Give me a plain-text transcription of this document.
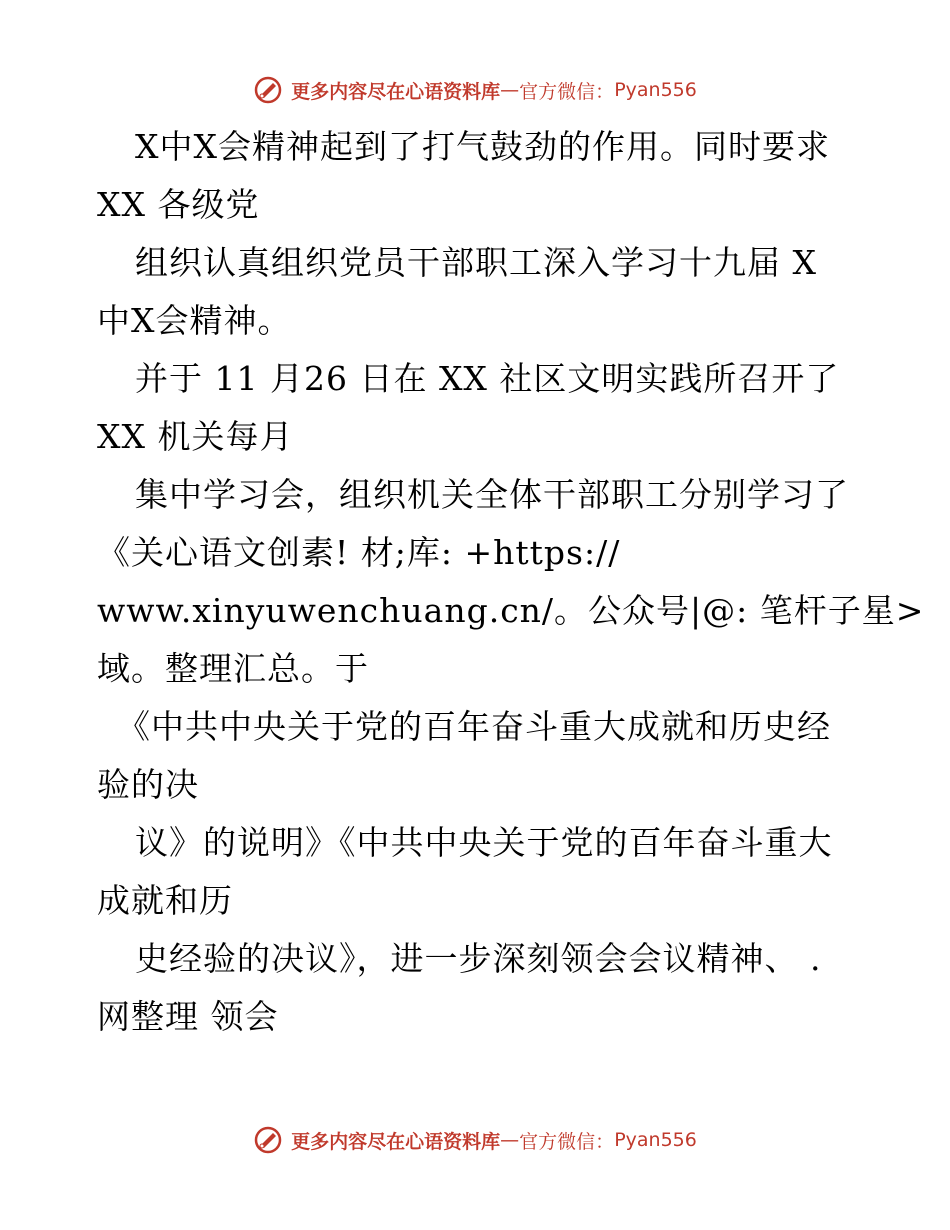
更多内容尽在心语资料库 — 官方微信： Pyan556
X中X会精神起到了打气鼓劲的作用。同时要求
XX 各级党
组织认真组织党员干部职工深入学习十九届 X
中X会精神。
并于 11 月26 日在 XX 社区文明实践所召开了
XX 机关每月
集中学习会，组织机关全体干部职工分别学习了
《关心语文创素! 材;库: +https://
www.xinyuwenchuang.cn/。公众号|@: 笔杆子星>
域。整理汇总。于
《中共中央关于党的百年奋斗重大成就和历史经
验的决
议》的说明》《中共中央关于党的百年奋斗重大
成就和历
史经验的决议》，进一步深刻领会会议精神、 .
网整理 领会
更多内容尽在心语资料库 — 官方微信： Pyan556
